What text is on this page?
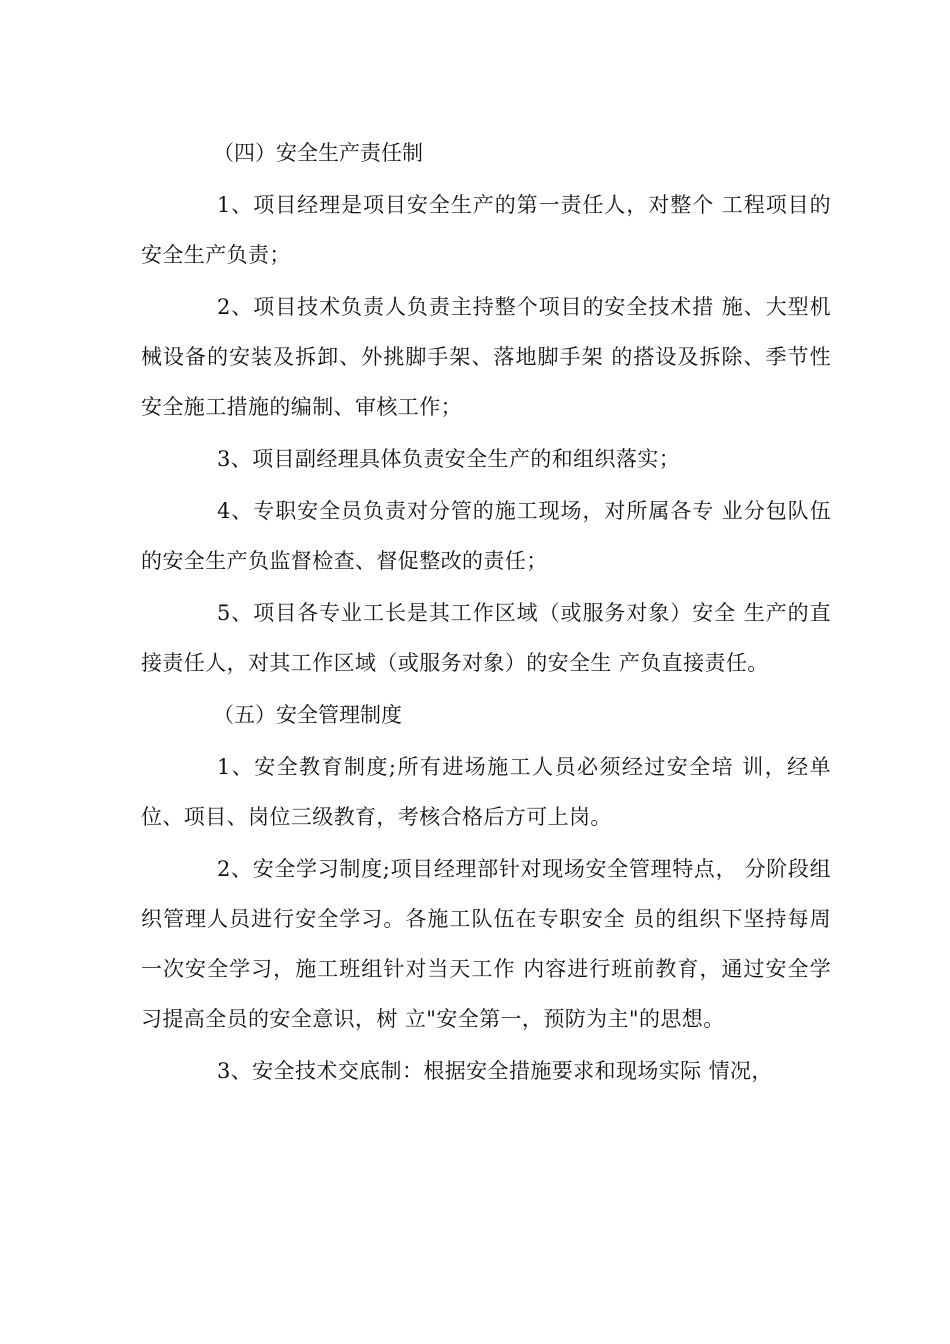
（四）安全生产责任制

1、项目经理是项目安全生产的第一责任人，对整个 工程项目的安全生产负责；

2、项目技术负责人负责主持整个项目的安全技术措 施、大型机械设备的安装及拆卸、外挑脚手架、落地脚手架 的搭设及拆除、季节性安全施工措施的编制、审核工作；

3、项目副经理具体负责安全生产的和组织落实；

4、专职安全员负责对分管的施工现场，对所属各专 业分包队伍的安全生产负监督检查、督促整改的责任；

5、项目各专业工长是其工作区域（或服务对象）安全 生产的直接责任人，对其工作区域（或服务对象）的安全生 产负直接责任。

（五）安全管理制度

1、安全教育制度;所有进场施工人员必须经过安全培 训，经单位、项目、岗位三级教育，考核合格后方可上岗。

2、安全学习制度;项目经理部针对现场安全管理特点， 分阶段组织管理人员进行安全学习。各施工队伍在专职安全 员的组织下坚持每周一次安全学习，施工班组针对当天工作 内容进行班前教育，通过安全学习提高全员的安全意识，树 立"安全第一，预防为主"的思想。

3、安全技术交底制：根据安全措施要求和现场实际 情况，
